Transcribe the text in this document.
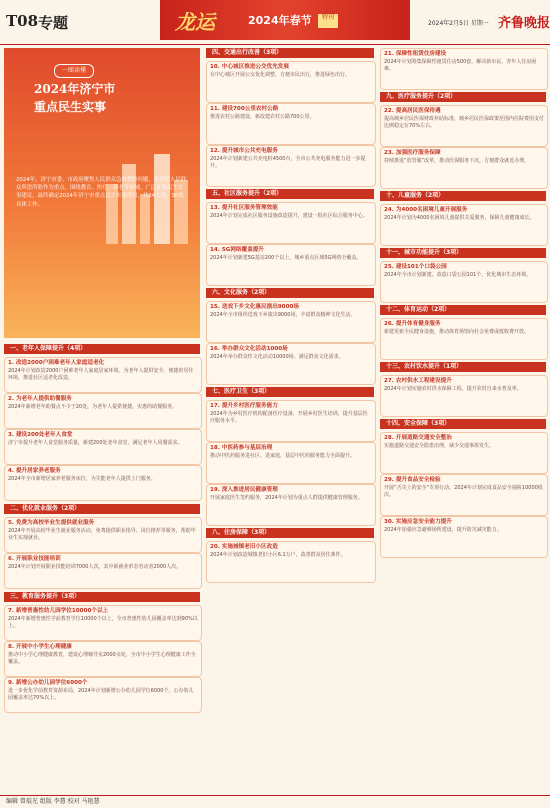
T08 专题	龙运	2024年春节	特刊
2024年2月5日 星期一 齐鲁晚报
一图读懂
2024年济宁市
重点民生实事
2024年，济宁市委、市政府聚焦人民群众急难愁盼问题，坚持把人民群众所思所盼作为重点，围绕教育、医疗、养老等领域，广泛征集民生实事建议，最终确定2024年济宁市重点民生实事项目，共14大类、30项具体工作。
一、老年人保障提升（4项）
1. 改造2000户困难老年人家庭适老化
2024年计划改造2000户困难老年人家庭居家环境，为老年人提供安全、便捷的居住环境，推进社区适老化改造。
2. 为老年人提供助餐服务
2024年新增老年助餐点不少于20处，为老年人提供便捷、实惠的助餐服务。
3. 建设200处老年人食堂
济宁市提升老年人食堂服务质量，新建200处老年食堂，满足老年人用餐需求。
4. 提升居家养老服务
2024年全市新增居家养老服务床位，为失能老年人提供上门服务。
二、优化就业服务（2项）
5. 免费为高校毕业生提供就业服务
2024年开展高校毕业生就业服务活动，免费提供职业指导、岗位推荐等服务，帮助毕业生实现就业。
6. 开展职业技能培训
2024年计划开展职业技能培训7000人次，其中新就业形态劳动者2000人次。
三、教育服务提升（3项）
7. 新增普惠性幼儿园学位10000个以上
2024年新增普惠性学前教育学位10000个以上，全市普惠性幼儿园覆盖率达到90%以上。
8. 开展中小学生心理健康
推动中小学心理健康教育，建设心理辅导室2000余处，全市中小学生心理健康工作全覆盖。
9. 新增公办幼儿园学位6000个
进一步优化学前教育资源布局，2024年计划新增公办幼儿园学位6000个，公办幼儿园覆盖率达70%以上。
四、交通出行改善（3项）
10. 中心城区推进公交优先发展
在中心城区开展公交优化调整，方便市民出行，推进绿色出行。
11. 建设700公里农村公路
推进农村公路建设，新改建农村公路700公里。
12. 提升城市公共充电服务
2024年计划新建公共充电桩4500台，全市公共充电服务能力进一步提升。
五、社区服务提升（2项）
13. 提升社区服务管理效能
2024年计划完成社区服务设施改造提升，建设一批社区综合服务中心。
14. 5G网络覆盖提升
2024年计划新建5G基站200个以上，城乡重点区域5G网络全覆盖。
六、文化服务（2项）
15. 送戏下乡文化惠民演出9000场
2024年全市组织送戏下乡演出9000场，丰富群众精神文化生活。
16. 举办群众文化活动1000场
2024年举办群众性文化活动10000场，满足群众文化需求。
七、医疗卫生（3项）
17. 提升乡村医疗服务能力
2024年为乡村医疗机构配备医疗设备，开展乡村医生培训，提升基层医疗服务水平。
18. 中医药参与基层治理
推动中医药服务进社区、进家庭，基层中医药服务能力全面提升。
19. 深入推进居民健康管理
开展家庭医生签约服务，2024年计划为重点人群提供健康管理服务。
八、住房保障（3项）
20. 实施城镇老旧小区改造
2024年计划改造城镇老旧小区6.1万户，改善群众居住条件。
21. 保障性租赁住房建设
2024年计划筹集保障性租赁住房500套，解决新市民、青年人住房困难。
九、医疗服务提升（2项）
22. 提高居民医保待遇
提高城乡居民医保财政补助标准，城乡居民医保政策范围内住院费用支付比例稳定在70%左右。
23. 加强医疗服务保障
持续推进“放管服”改革，推动医保服务下沉，方便群众就近办理。
十、儿童服务（2项）
24. 为4000名困境儿童开展服务
2024年计划为4000名困境儿童提供关爱服务，保障儿童健康成长。
十一、城市功能提升（3项）
25. 建设101个口袋公园
2024年全市计划新建、改造口袋公园101个，优化城市生态环境。
十二、体育运动（2项）
26. 提升体育健身服务
新建更新全民健身设施，推动体育场馆向社会免费或低收费开放。
十三、农村饮水提升（1项）
27. 农村供水工程建设提升
2024年计划实施农村供水保障工程，提升农村自来水普及率。
十四、安全保障（3项）
28. 开展道路交通安全整治
实施道路交通安全隐患治理，减少交通事故发生。
29. 提升食品安全检验
开展“舌尖上的安全”专项行动，2024年计划完成食品安全抽检10000批次。
30. 实施应急安全能力提升
2024年加强应急避难场所建设，提升防灾减灾能力。
编辑 曾琨光 组版 李慧 校对 马艳慧
